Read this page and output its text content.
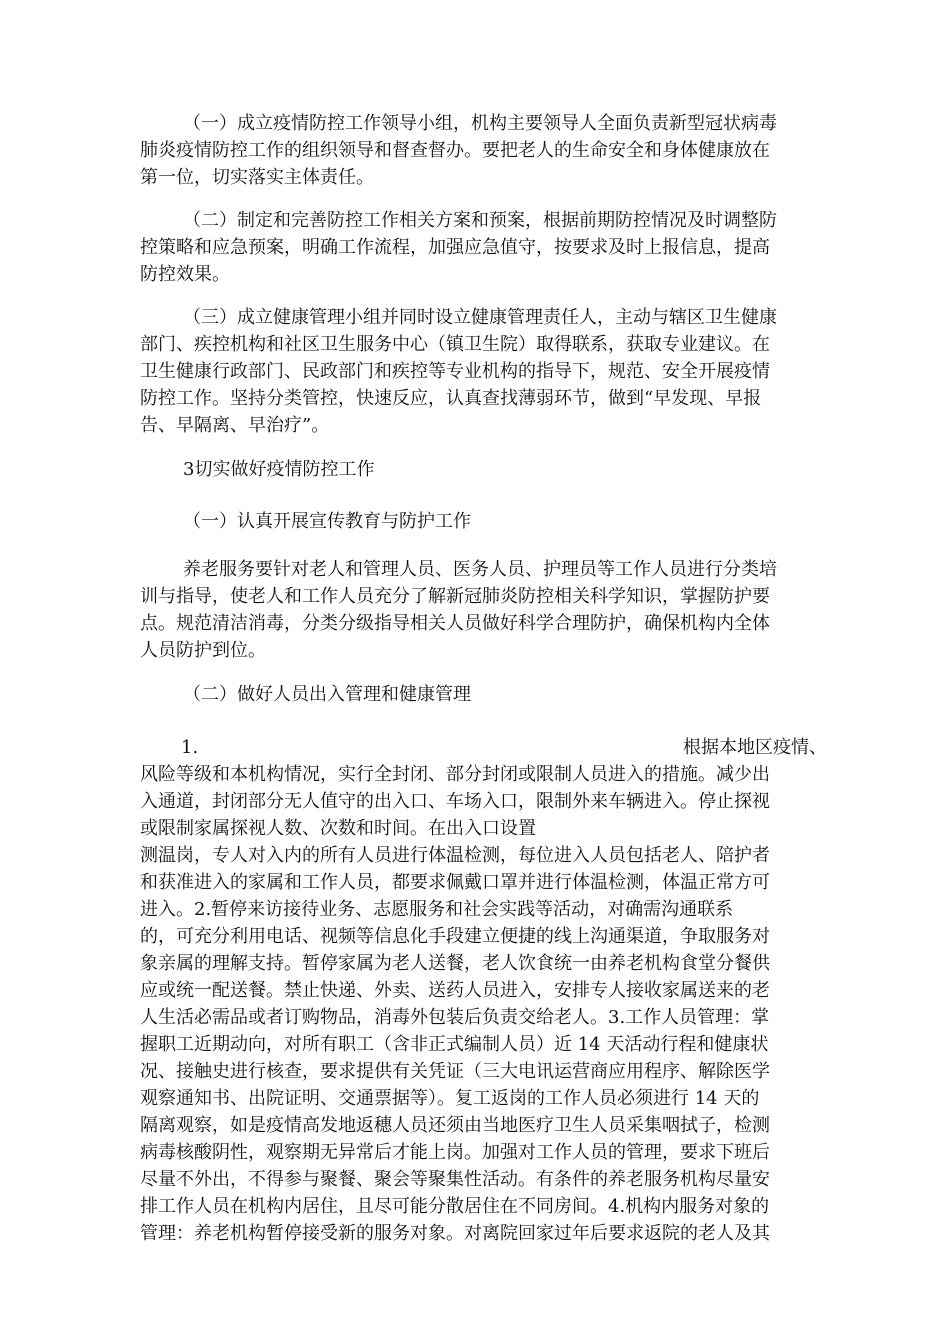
（一）成立疫情防控工作领导小组，机构主要领导人全面负责新型冠状病毒
肺炎疫情防控工作的组织领导和督查督办。要把老人的生命安全和身体健康放在
第一位，切实落实主体责任。
（二）制定和完善防控工作相关方案和预案，根据前期防控情况及时调整防
控策略和应急预案，明确工作流程，加强应急值守，按要求及时上报信息，提高
防控效果。
（三）成立健康管理小组并同时设立健康管理责任人，主动与辖区卫生健康
部门、疾控机构和社区卫生服务中心（镇卫生院）取得联系，获取专业建议。在
卫生健康行政部门、民政部门和疾控等专业机构的指导下，规范、安全开展疫情
防控工作。坚持分类管控，快速反应，认真查找薄弱环节，做到“早发现、早报
告、早隔离、早治疗”。
3切实做好疫情防控工作
（一）认真开展宣传教育与防护工作
养老服务要针对老人和管理人员、医务人员、护理员等工作人员进行分类培
训与指导，使老人和工作人员充分了解新冠肺炎防控相关科学知识，掌握防护要
点。规范清洁消毒，分类分级指导相关人员做好科学合理防护，确保机构内全体
人员防护到位。
（二）做好人员出入管理和健康管理
1.	根据本地区疫情、
风险等级和本机构情况，实行全封闭、部分封闭或限制人员进入的措施。减少出
入通道，封闭部分无人值守的出入口、车场入口，限制外来车辆进入。停止探视
或限制家属探视人数、次数和时间。在出入口设置
测温岗，专人对入内的所有人员进行体温检测，每位进入人员包括老人、陪护者
和获准进入的家属和工作人员，都要求佩戴口罩并进行体温检测，体温正常方可
进入。2.暂停来访接待业务、志愿服务和社会实践等活动，对确需沟通联系
的，可充分利用电话、视频等信息化手段建立便捷的线上沟通渠道，争取服务对
象亲属的理解支持。暂停家属为老人送餐，老人饮食统一由养老机构食堂分餐供
应或统一配送餐。禁止快递、外卖、送药人员进入，安排专人接收家属送来的老
人生活必需品或者订购物品，消毒外包装后负责交给老人。3.工作人员管理：掌
握职工近期动向，对所有职工（含非正式编制人员）近 14 天活动行程和健康状
况、接触史进行核查，要求提供有关凭证（三大电讯运营商应用程序、解除医学
观察通知书、出院证明、交通票据等）。复工返岗的工作人员必须进行 14 天的
隔离观察，如是疫情高发地返穗人员还须由当地医疗卫生人员采集咽拭子，检测
病毒核酸阴性，观察期无异常后才能上岗。加强对工作人员的管理，要求下班后
尽量不外出，不得参与聚餐、聚会等聚集性活动。有条件的养老服务机构尽量安
排工作人员在机构内居住，且尽可能分散居住在不同房间。4.机构内服务对象的
管理：养老机构暂停接受新的服务对象。对离院回家过年后要求返院的老人及其
